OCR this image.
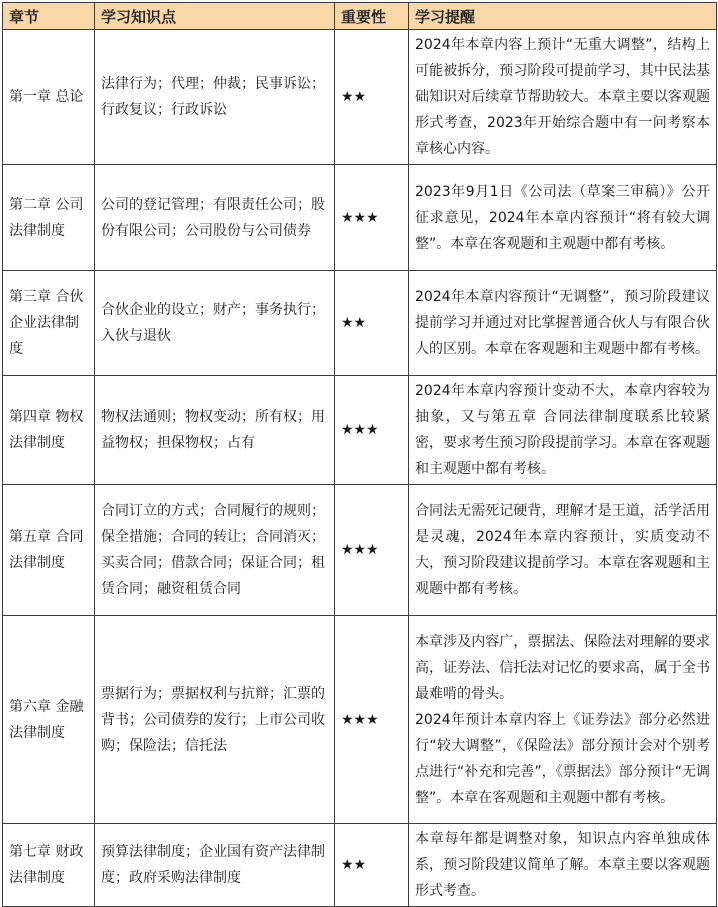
章节	学习知识点	重要性	学习提醒
第一章 总论	法律行为；代理；仲裁；民事诉讼；行政复议；行政诉讼	★★	2024年本章内容上预计“无重大调整”，结构上可能被拆分，预习阶段可提前学习，其中民法基础知识对后续章节帮助较大。本章主要以客观题形式考查，2023年开始综合题中有一问考察本章核心内容。

第二章 公司法律制度	公司的登记管理；有限责任公司；股份有限公司；公司股份与公司债券	★★★	2023年9月1日《公司法（草案三审稿）》公开征求意见，2024年本章内容预计“将有较大调整”。本章在客观题和主观题中都有考核。

第三章 合伙企业法律制度	合伙企业的设立；财产；事务执行；入伙与退伙	★★	2024年本章内容预计“无调整”，预习阶段建议提前学习并通过对比掌握普通合伙人与有限合伙人的区别。本章在客观题和主观题中都有考核。

第四章 物权法律制度	物权法通则；物权变动；所有权；用益物权；担保物权；占有	★★★	2024年本章内容预计变动不大，本章内容较为抽象，又与第五章 合同法律制度联系比较紧密，要求考生预习阶段提前学习。本章在客观题和主观题中都有考核。

第五章 合同法律制度	合同订立的方式；合同履行的规则；保全措施；合同的转让；合同消灭；买卖合同；借款合同；保证合同；租赁合同；融资租赁合同	★★★	合同法无需死记硬背，理解才是王道，活学活用是灵魂，2024年本章内容预计，实质变动不大，预习阶段建议提前学习。本章在客观题和主观题中都有考核。

第六章 金融法律制度	票据行为；票据权利与抗辩；汇票的背书；公司债券的发行；上市公司收购；保险法；信托法	★★★	本章涉及内容广，票据法、保险法对理解的要求高，证券法、信托法对记忆的要求高，属于全书最难啃的骨头。
2024年预计本章内容上《证券法》部分必然进行“较大调整”，《保险法》部分预计会对个别考点进行“补充和完善”，《票据法》部分预计“无调整”。本章在客观题和主观题中都有考核。

第七章 财政法律制度	预算法律制度；企业国有资产法律制度；政府采购法律制度	★★	本章每年都是调整对象，知识点内容单独成体系，预习阶段建议简单了解。本章主要以客观题形式考查。
